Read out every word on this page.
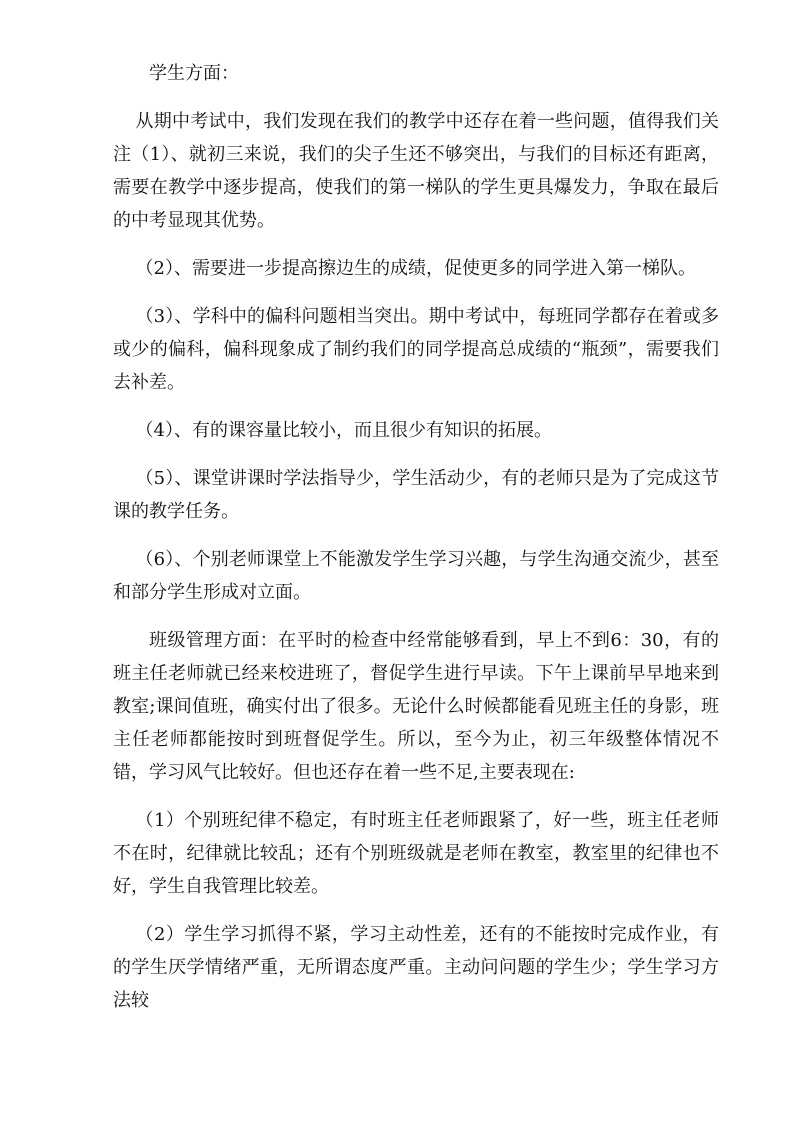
学生方面：

从期中考试中，我们发现在我们的教学中还存在着一些问题，值得我们关注（1）、就初三来说，我们的尖子生还不够突出，与我们的目标还有距离，需要在教学中逐步提高，使我们的第一梯队的学生更具爆发力，争取在最后的中考显现其优势。

（2）、需要进一步提高擦边生的成绩，促使更多的同学进入第一梯队。

（3）、学科中的偏科问题相当突出。期中考试中，每班同学都存在着或多或少的偏科，偏科现象成了制约我们的同学提高总成绩的“瓶颈”，需要我们去补差。

（4）、有的课容量比较小，而且很少有知识的拓展。

（5）、课堂讲课时学法指导少，学生活动少，有的老师只是为了完成这节课的教学任务。

（6）、个别老师课堂上不能激发学生学习兴趣，与学生沟通交流少，甚至和部分学生形成对立面。

班级管理方面：在平时的检查中经常能够看到，早上不到6：30，有的班主任老师就已经来校进班了，督促学生进行早读。下午上课前早早地来到教室;课间值班，确实付出了很多。无论什么时候都能看见班主任的身影，班主任老师都能按时到班督促学生。所以，至今为止，初三年级整体情况不错，学习风气比较好。但也还存在着一些不足,主要表现在:

（1）个别班纪律不稳定，有时班主任老师跟紧了，好一些，班主任老师不在时，纪律就比较乱；还有个别班级就是老师在教室，教室里的纪律也不好，学生自我管理比较差。

（2）学生学习抓得不紧，学习主动性差，还有的不能按时完成作业，有的学生厌学情绪严重，无所谓态度严重。主动问问题的学生少；学生学习方法较
